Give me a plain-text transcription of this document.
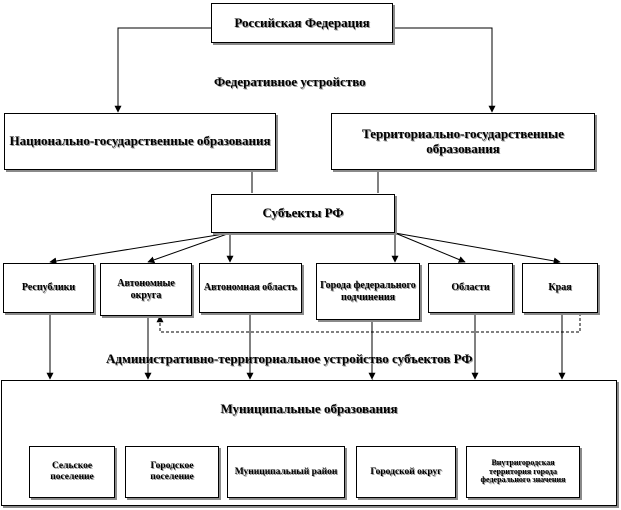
Российская Федерация
Федеративное устройство
Национально-государственные образования	Территориально-государственные образования
Субъекты РФ
Республики	Автономные округа
Автономная область Города федерального подчинения
Области	Края
Административно-территориальное устройство субъектов РФ
Муниципальные образования
Сельское поселение
Городское поселение
Муниципальный район	Городской округ
Внутригородская территория города федерального значения
